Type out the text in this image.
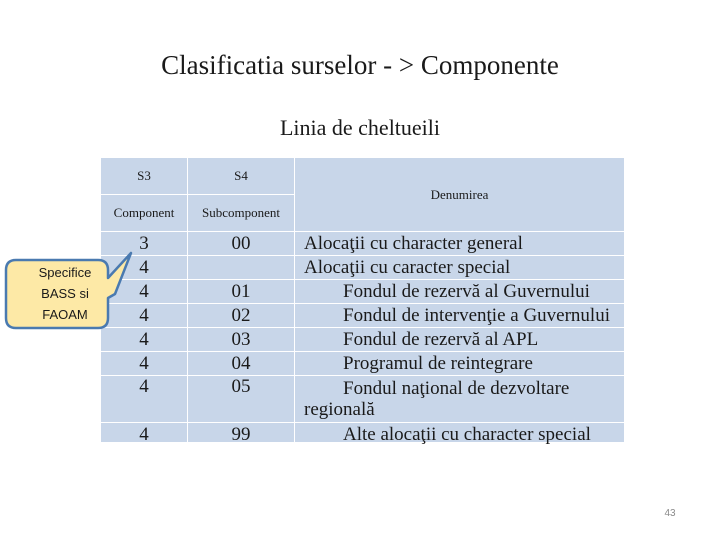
Clasificatia surselor - > Componente
Linia de cheltueili
S3	S4	Denumirea
Component	Subcomponent	
3	00	Alocaţii cu character general
4		Alocaţii cu caracter special
4	01	Fondul de rezervă al Guvernului
4	02	Fondul de intervenţie a Guvernului
4	03	Fondul de rezervă al APL
4	04	Programul de reintegrare
4	05	Fondul naţional de dezvoltare
regională

4	99	Alte alocaţii cu character special
Specifice
BASS si
FAOAM
43
